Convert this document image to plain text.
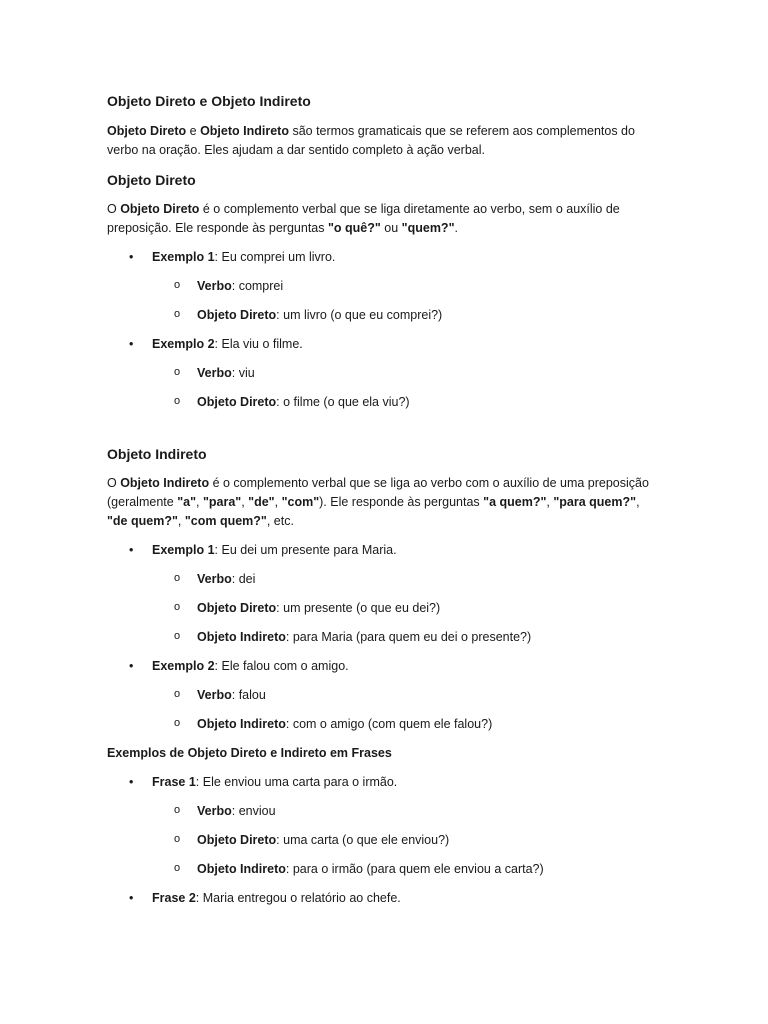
Objeto Direto e Objeto Indireto

Objeto Direto e Objeto Indireto são termos gramaticais que se referem aos complementos do verbo na oração. Eles ajudam a dar sentido completo à ação verbal.

Objeto Direto

O Objeto Direto é o complemento verbal que se liga diretamente ao verbo, sem o auxílio de preposição. Ele responde às perguntas "o quê?" ou "quem?".

• Exemplo 1: Eu comprei um livro.
o Verbo: comprei
o Objeto Direto: um livro (o que eu comprei?)
• Exemplo 2: Ela viu o filme.
o Verbo: viu
o Objeto Direto: o filme (o que ela viu?)
Objeto Indireto

O Objeto Indireto é o complemento verbal que se liga ao verbo com o auxílio de uma preposição (geralmente "a", "para", "de", "com"). Ele responde às perguntas "a quem?", "para quem?", "de quem?", "com quem?", etc.

• Exemplo 1: Eu dei um presente para Maria.
o Verbo: dei
o Objeto Direto: um presente (o que eu dei?)
o Objeto Indireto: para Maria (para quem eu dei o presente?)
• Exemplo 2: Ele falou com o amigo.
o Verbo: falou
o Objeto Indireto: com o amigo (com quem ele falou?)
Exemplos de Objeto Direto e Indireto em Frases
• Frase 1: Ele enviou uma carta para o irmão.
o Verbo: enviou
o Objeto Direto: uma carta (o que ele enviou?)
o Objeto Indireto: para o irmão (para quem ele enviou a carta?)
• Frase 2: Maria entregou o relatório ao chefe.
